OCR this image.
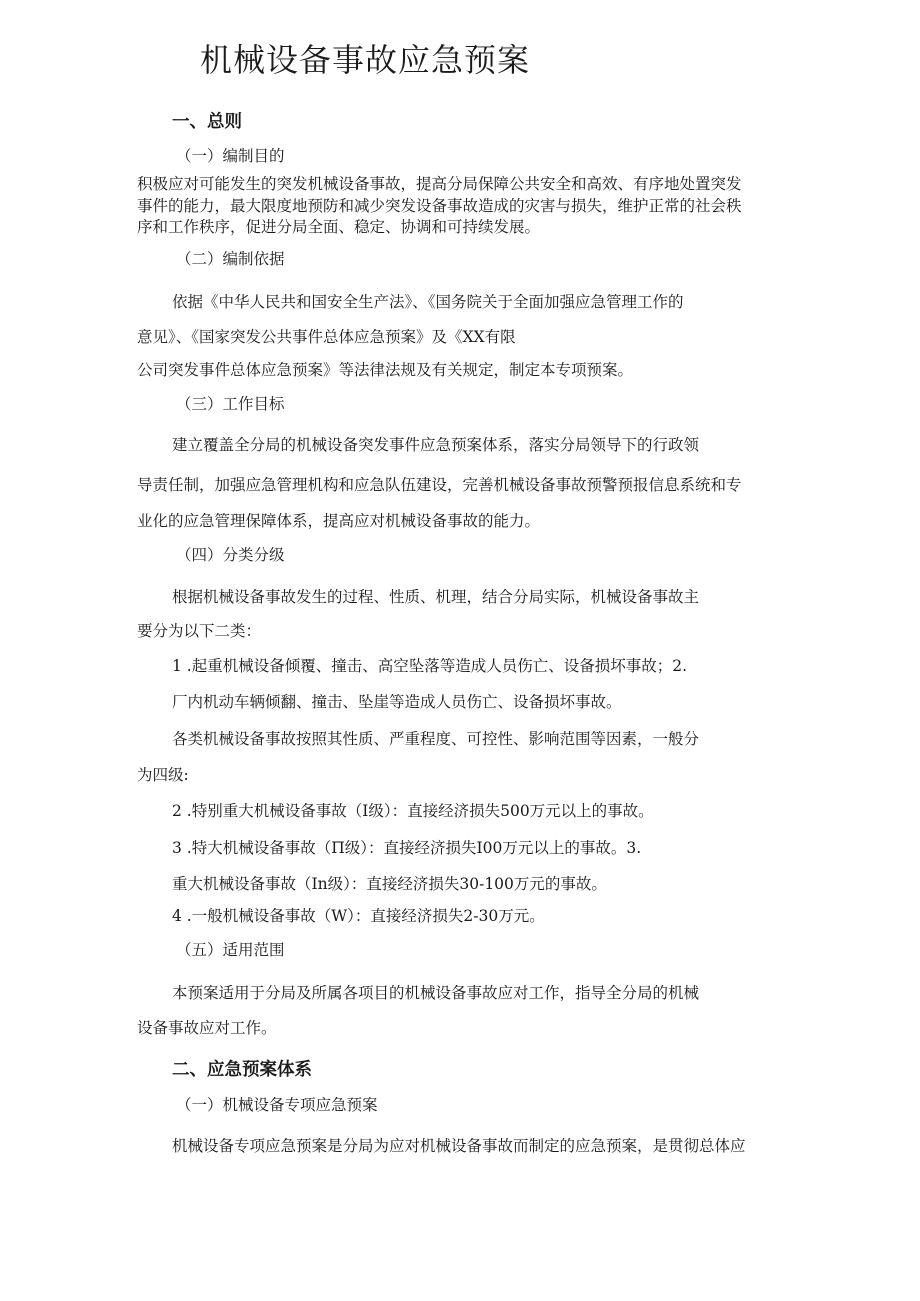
机械设备事故应急预案
一、总则
（一）编制目的
积极应对可能发生的突发机械设备事故，提高分局保障公共安全和高效、有序地处置突发
事件的能力，最大限度地预防和减少突发设备事故造成的灾害与损失，维护正常的社会秩
序和工作秩序，促进分局全面、稳定、协调和可持续发展。
（二）编制依据
依据《中华人民共和国安全生产法》、《国务院关于全面加强应急管理工作的
意见》、《国家突发公共事件总体应急预案》及《XX有限
公司突发事件总体应急预案》等法律法规及有关规定，制定本专项预案。
（三）工作目标
建立覆盖全分局的机械设备突发事件应急预案体系，落实分局领导下的行政领
导责任制，加强应急管理机构和应急队伍建设，完善机械设备事故预警预报信息系统和专
业化的应急管理保障体系，提高应对机械设备事故的能力。
（四）分类分级
根据机械设备事故发生的过程、性质、机理，结合分局实际，机械设备事故主
要分为以下二类：
1 .起重机械设备倾覆、撞击、高空坠落等造成人员伤亡、设备损坏事故；2.
厂内机动车辆倾翻、撞击、坠崖等造成人员伤亡、设备损坏事故。
各类机械设备事故按照其性质、严重程度、可控性、影响范围等因素，一般分
为四级:
2 .特别重大机械设备事故（I级）：直接经济损失500万元以上的事故。
3 .特大机械设备事故（Π级）：直接经济损失I00万元以上的事故。3.
重大机械设备事故（In级）：直接经济损失30-100万元的事故。
4 .一般机械设备事故（W）：直接经济损失2-30万元。
（五）适用范围
本预案适用于分局及所属各项目的机械设备事故应对工作，指导全分局的机械
设备事故应对工作。
二、应急预案体系
（一）机械设备专项应急预案
机械设备专项应急预案是分局为应对机械设备事故而制定的应急预案，是贯彻总体应
